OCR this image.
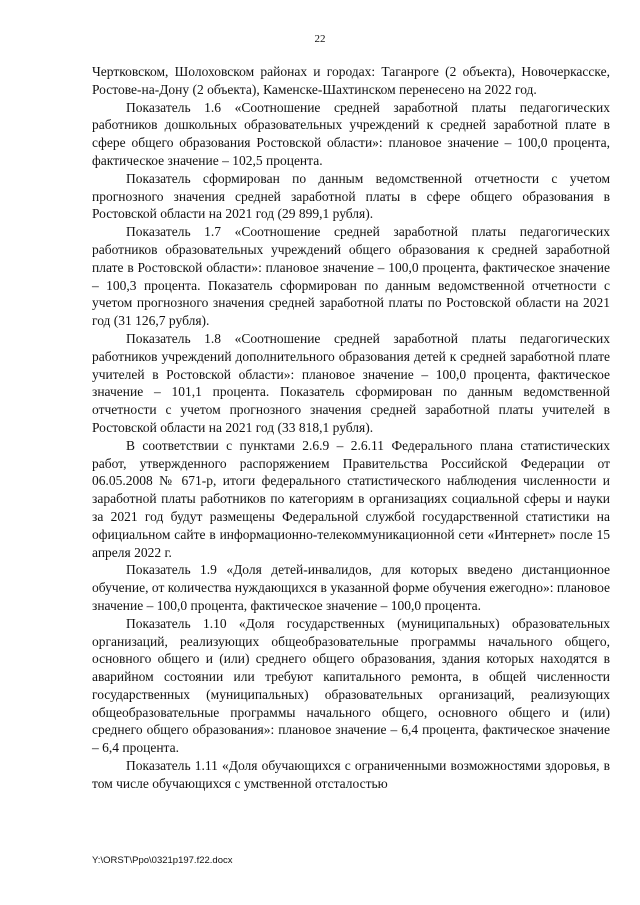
22

Чертковском, Шолоховском районах и городах: Таганроге (2 объекта), Новочеркасске, Ростове-на-Дону (2 объекта), Каменске-Шахтинском перенесено на 2022 год.

Показатель 1.6 «Соотношение средней заработной платы педагогических работников дошкольных образовательных учреждений к средней заработной плате в сфере общего образования Ростовской области»: плановое значение – 100,0 процента, фактическое значение – 102,5 процента.

Показатель сформирован по данным ведомственной отчетности с учетом прогнозного значения средней заработной платы в сфере общего образования в Ростовской области на 2021 год (29 899,1 рубля).

Показатель 1.7 «Соотношение средней заработной платы педагогических работников образовательных учреждений общего образования к средней заработной плате в Ростовской области»: плановое значение – 100,0 процента, фактическое значение – 100,3 процента. Показатель сформирован по данным ведомственной отчетности с учетом прогнозного значения средней заработной платы по Ростовской области на 2021 год (31 126,7 рубля).

Показатель 1.8 «Соотношение средней заработной платы педагогических работников учреждений дополнительного образования детей к средней заработной плате учителей в Ростовской области»: плановое значение – 100,0 процента, фактическое значение – 101,1 процента. Показатель сформирован по данным ведомственной отчетности с учетом прогнозного значения средней заработной платы учителей в Ростовской области на 2021 год (33 818,1 рубля).

В соответствии с пунктами 2.6.9 – 2.6.11 Федерального плана статистических работ, утвержденного распоряжением Правительства Российской Федерации от 06.05.2008 № 671-р, итоги федерального статистического наблюдения численности и заработной платы работников по категориям в организациях социальной сферы и науки за 2021 год будут размещены Федеральной службой государственной статистики на официальном сайте в информационно-телекоммуникационной сети «Интернет» после 15 апреля 2022 г.

Показатель 1.9 «Доля детей-инвалидов, для которых введено дистанционное обучение, от количества нуждающихся в указанной форме обучения ежегодно»: плановое значение – 100,0 процента, фактическое значение – 100,0 процента.

Показатель 1.10 «Доля государственных (муниципальных) образовательных организаций, реализующих общеобразовательные программы начального общего, основного общего и (или) среднего общего образования, здания которых находятся в аварийном состоянии или требуют капитального ремонта, в общей численности государственных (муниципальных) образовательных организаций, реализующих общеобразовательные программы начального общего, основного общего и (или) среднего общего образования»: плановое значение – 6,4 процента, фактическое значение – 6,4 процента.

Показатель 1.11 «Доля обучающихся с ограниченными возможностями здоровья, в том числе обучающихся с умственной отсталостью

Y:\ORST\Ppo\0321p197.f22.docx
